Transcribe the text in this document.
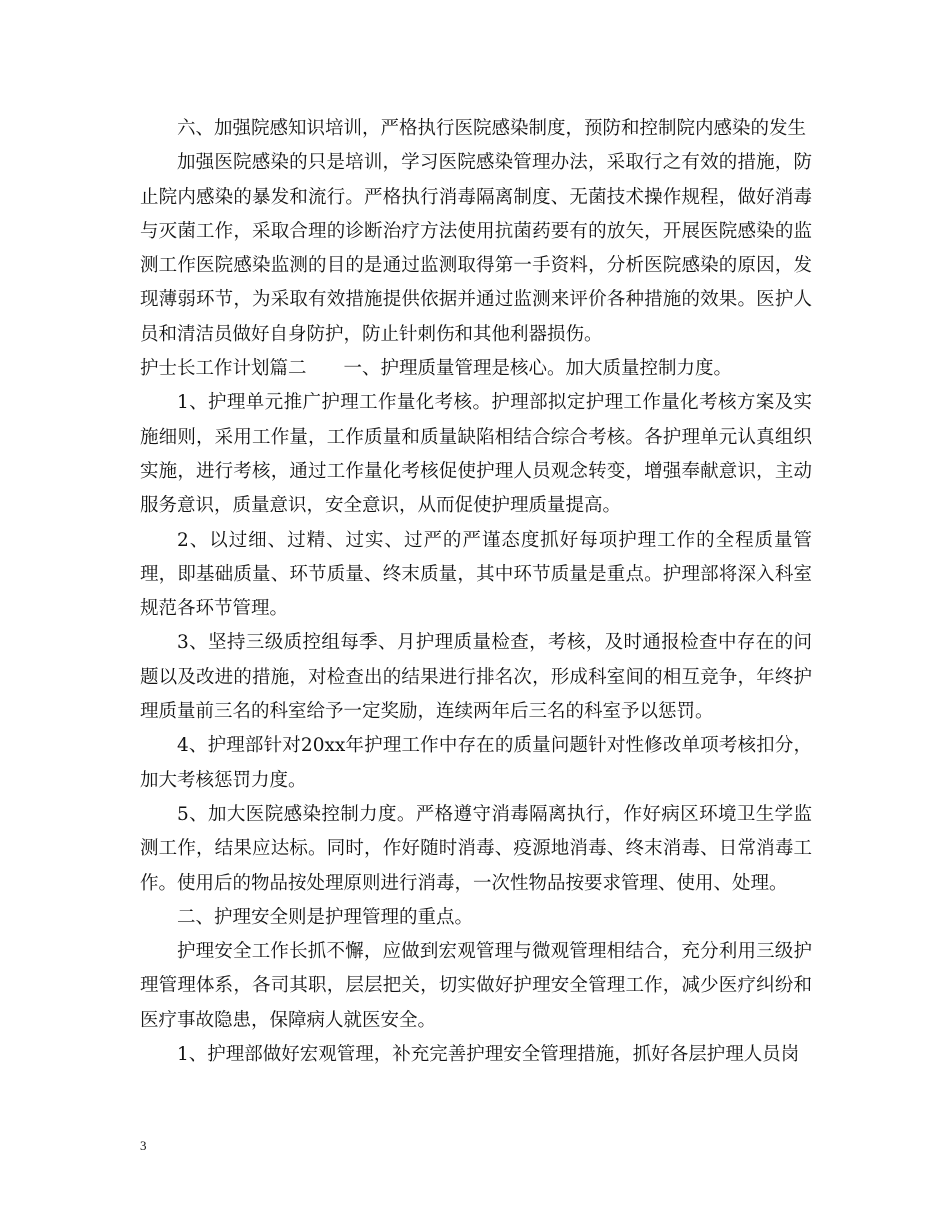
六、加强院感知识培训，严格执行医院感染制度，预防和控制院内感染的发生

加强医院感染的只是培训，学习医院感染管理办法，采取行之有效的措施，防止院内感染的暴发和流行。严格执行消毒隔离制度、无菌技术操作规程，做好消毒与灭菌工作，采取合理的诊断治疗方法使用抗菌药要有的放矢，开展医院感染的监测工作医院感染监测的目的是通过监测取得第一手资料，分析医院感染的原因，发现薄弱环节，为采取有效措施提供依据并通过监测来评价各种措施的效果。医护人员和清洁员做好自身防护，防止针刺伤和其他利器损伤。

护士长工作计划篇二　　一、护理质量管理是核心。加大质量控制力度。

1、护理单元推广护理工作量化考核。护理部拟定护理工作量化考核方案及实施细则，采用工作量，工作质量和质量缺陷相结合综合考核。各护理单元认真组织实施，进行考核，通过工作量化考核促使护理人员观念转变，增强奉献意识，主动服务意识，质量意识，安全意识，从而促使护理质量提高。

2、以过细、过精、过实、过严的严谨态度抓好每项护理工作的全程质量管理，即基础质量、环节质量、终末质量，其中环节质量是重点。护理部将深入科室规范各环节管理。

3、坚持三级质控组每季、月护理质量检查，考核，及时通报检查中存在的问题以及改进的措施，对检查出的结果进行排名次，形成科室间的相互竞争，年终护理质量前三名的科室给予一定奖励，连续两年后三名的科室予以惩罚。

4、护理部针对20xx年护理工作中存在的质量问题针对性修改单项考核扣分，加大考核惩罚力度。

5、加大医院感染控制力度。严格遵守消毒隔离执行，作好病区环境卫生学监测工作，结果应达标。同时，作好随时消毒、疫源地消毒、终末消毒、日常消毒工作。使用后的物品按处理原则进行消毒，一次性物品按要求管理、使用、处理。

二、护理安全则是护理管理的重点。

护理安全工作长抓不懈，应做到宏观管理与微观管理相结合，充分利用三级护理管理体系，各司其职，层层把关，切实做好护理安全管理工作，减少医疗纠纷和医疗事故隐患，保障病人就医安全。

1、护理部做好宏观管理，补充完善护理安全管理措施，抓好各层护理人员岗

3
